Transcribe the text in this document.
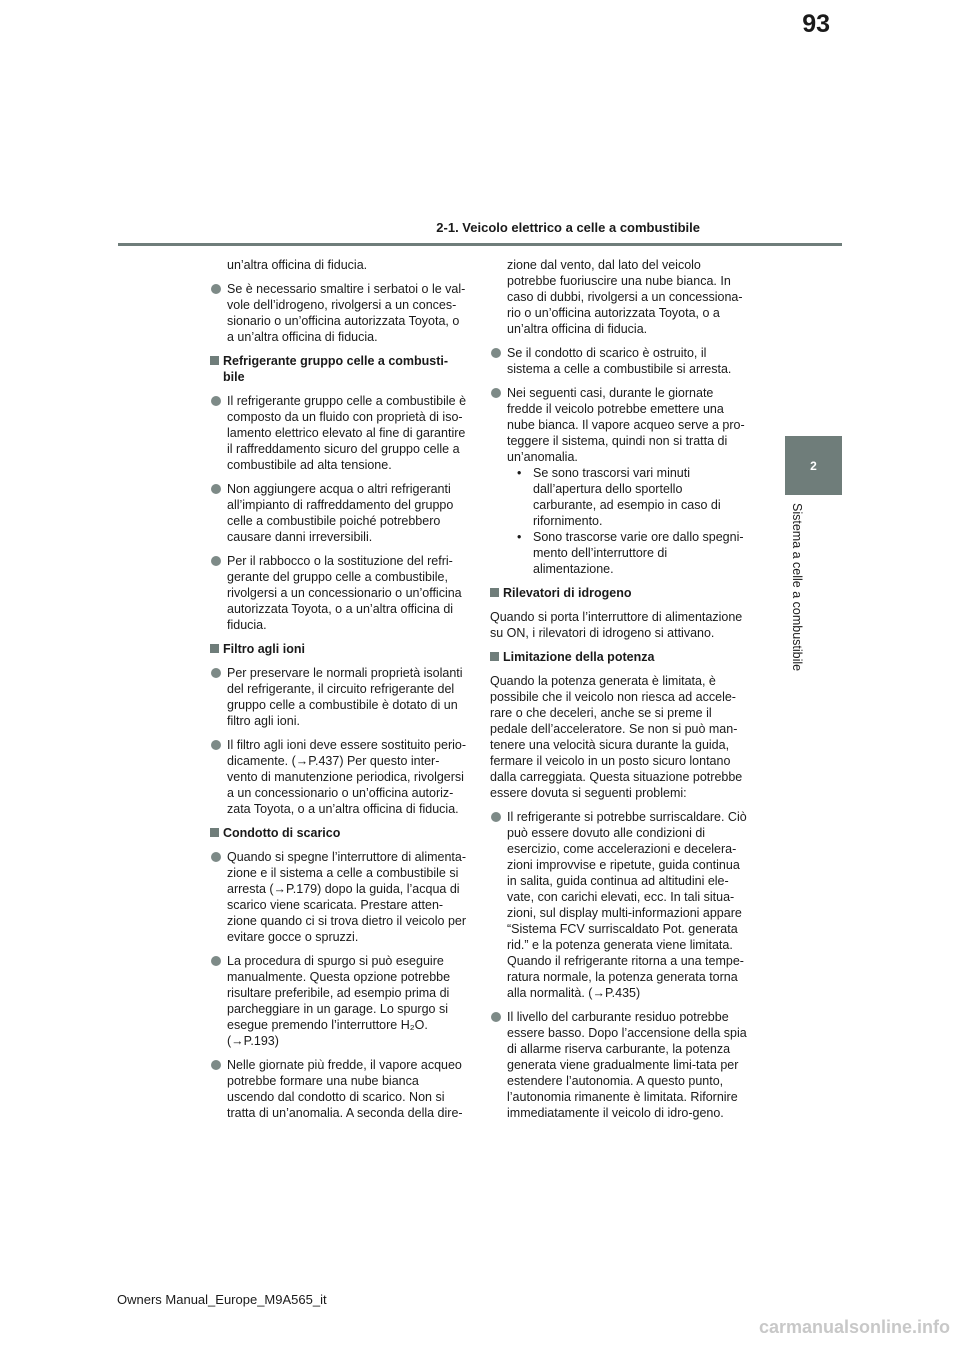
93
2-1. Veicolo elettrico a celle a combustibile
2
Sistema a celle a combustibile
un’altra officina di fiducia.
Se è necessario smaltire i serbatoi o le val-vole dell’idrogeno, rivolgersi a un conces-sionario o un’officina autorizzata Toyota, o a un’altra officina di fiducia.
Refrigerante gruppo celle a combusti-bile
Il refrigerante gruppo celle a combustibile è composto da un fluido con proprietà di iso-lamento elettrico elevato al fine di garantire il raffreddamento sicuro del gruppo celle a combustibile ad alta tensione.
Non aggiungere acqua o altri refrigeranti all’impianto di raffreddamento del gruppo celle a combustibile poiché potrebbero causare danni irreversibili.
Per il rabbocco o la sostituzione del refri-gerante del gruppo celle a combustibile, rivolgersi a un concessionario o un’officina autorizzata Toyota, o a un’altra officina di fiducia.
Filtro agli ioni
Per preservare le normali proprietà isolanti del refrigerante, il circuito refrigerante del gruppo celle a combustibile è dotato di un filtro agli ioni.
Il filtro agli ioni deve essere sostituito perio-dicamente. (→P.437) Per questo inter-vento di manutenzione periodica, rivolgersi a un concessionario o un’officina autoriz-zata Toyota, o a un’altra officina di fiducia.
Condotto di scarico
Quando si spegne l’interruttore di alimenta-zione e il sistema a celle a combustibile si arresta (→P.179) dopo la guida, l’acqua di scarico viene scaricata. Prestare atten-zione quando ci si trova dietro il veicolo per evitare gocce o spruzzi.
La procedura di spurgo si può eseguire manualmente. Questa opzione potrebbe risultare preferibile, ad esempio prima di parcheggiare in un garage. Lo spurgo si esegue premendo l’interruttore H₂O. (→P.193)
Nelle giornate più fredde, il vapore acqueo potrebbe formare una nube bianca uscendo dal condotto di scarico. Non si tratta di un’anomalia. A seconda della dire-
zione dal vento, dal lato del veicolo potrebbe fuoriuscire una nube bianca. In caso di dubbi, rivolgersi a un concessiona-rio o un’officina autorizzata Toyota, o a un’altra officina di fiducia.
Se il condotto di scarico è ostruito, il sistema a celle a combustibile si arresta.
Nei seguenti casi, durante le giornate fredde il veicolo potrebbe emettere una nube bianca. Il vapore acqueo serve a pro-teggere il sistema, quindi non si tratta di un’anomalia.
• Se sono trascorsi vari minuti dall’apertura dello sportello carburante, ad esempio in caso di rifornimento.
• Sono trascorse varie ore dallo spegni-mento dell’interruttore di alimentazione.
Rilevatori di idrogeno
Quando si porta l’interruttore di alimentazione su ON, i rilevatori di idrogeno si attivano.
Limitazione della potenza
Quando la potenza generata è limitata, è possibile che il veicolo non riesca ad accele-rare o che deceleri, anche se si preme il pedale dell’acceleratore. Se non si può man-tenere una velocità sicura durante la guida, fermare il veicolo in un posto sicuro lontano dalla carreggiata. Questa situazione potrebbe essere dovuta si seguenti problemi:
Il refrigerante si potrebbe surriscaldare. Ciò può essere dovuto alle condizioni di esercizio, come accelerazioni e decelera-zioni improvvise e ripetute, guida continua in salita, guida continua ad altitudini ele-vate, con carichi elevati, ecc. In tali situa-zioni, sul display multi-informazioni appare “Sistema FCV surriscaldato Pot. generata rid.” e la potenza generata viene limitata. Quando il refrigerante ritorna a una tempe-ratura normale, la potenza generata torna alla normalità. (→P.435)
Il livello del carburante residuo potrebbe essere basso. Dopo l’accensione della spia di allarme riserva carburante, la potenza generata viene gradualmente limi-tata per estendere l’autonomia. A questo punto, l’autonomia rimanente è limitata. Rifornire immediatamente il veicolo di idro-geno.
Owners Manual_Europe_M9A565_it
carmanualsonline.info
